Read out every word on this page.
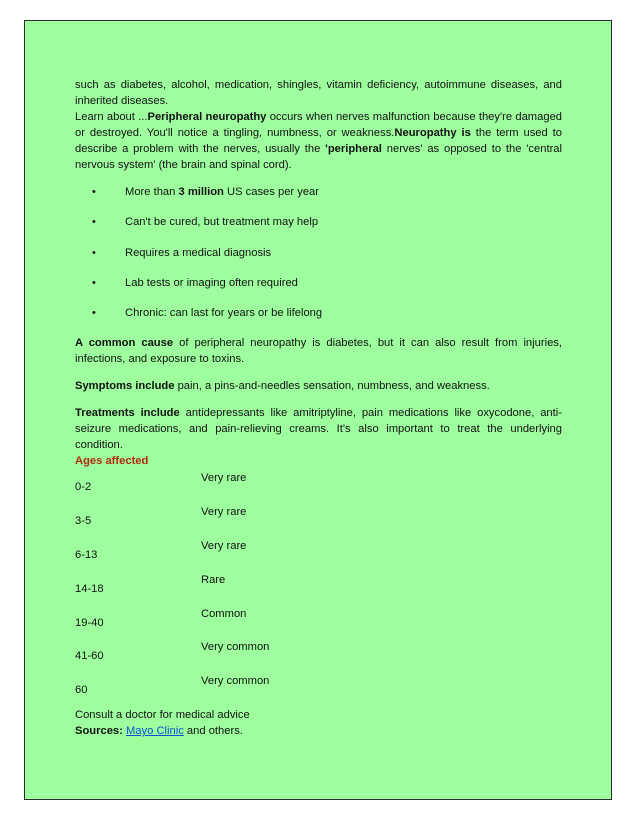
such as diabetes, alcohol, medication, shingles, vitamin deficiency, autoimmune diseases, and inherited diseases.
Learn about ...Peripheral neuropathy occurs when nerves malfunction because they're damaged or destroyed. You'll notice a tingling, numbness, or weakness.Neuropathy is the term used to describe a problem with the nerves, usually the 'peripheral nerves' as opposed to the 'central nervous system' (the brain and spinal cord).

• More than 3 million US cases per year
• Can't be cured, but treatment may help
• Requires a medical diagnosis
• Lab tests or imaging often required
• Chronic: can last for years or be lifelong

A common cause of peripheral neuropathy is diabetes, but it can also result from injuries, infections, and exposure to toxins.

Symptoms include pain, a pins-and-needles sensation, numbness, and weakness.

Treatments include antidepressants like amitriptyline, pain medications like oxycodone, anti-seizure medications, and pain-relieving creams. It's also important to treat the underlying condition.

Ages affected
0-2
Very rare
3-5
Very rare
6-13
Very rare
14-18
Rare
19-40
Common
41-60
Very common
60
Very common

Consult a doctor for medical advice

Sources: Mayo Clinic and others.
